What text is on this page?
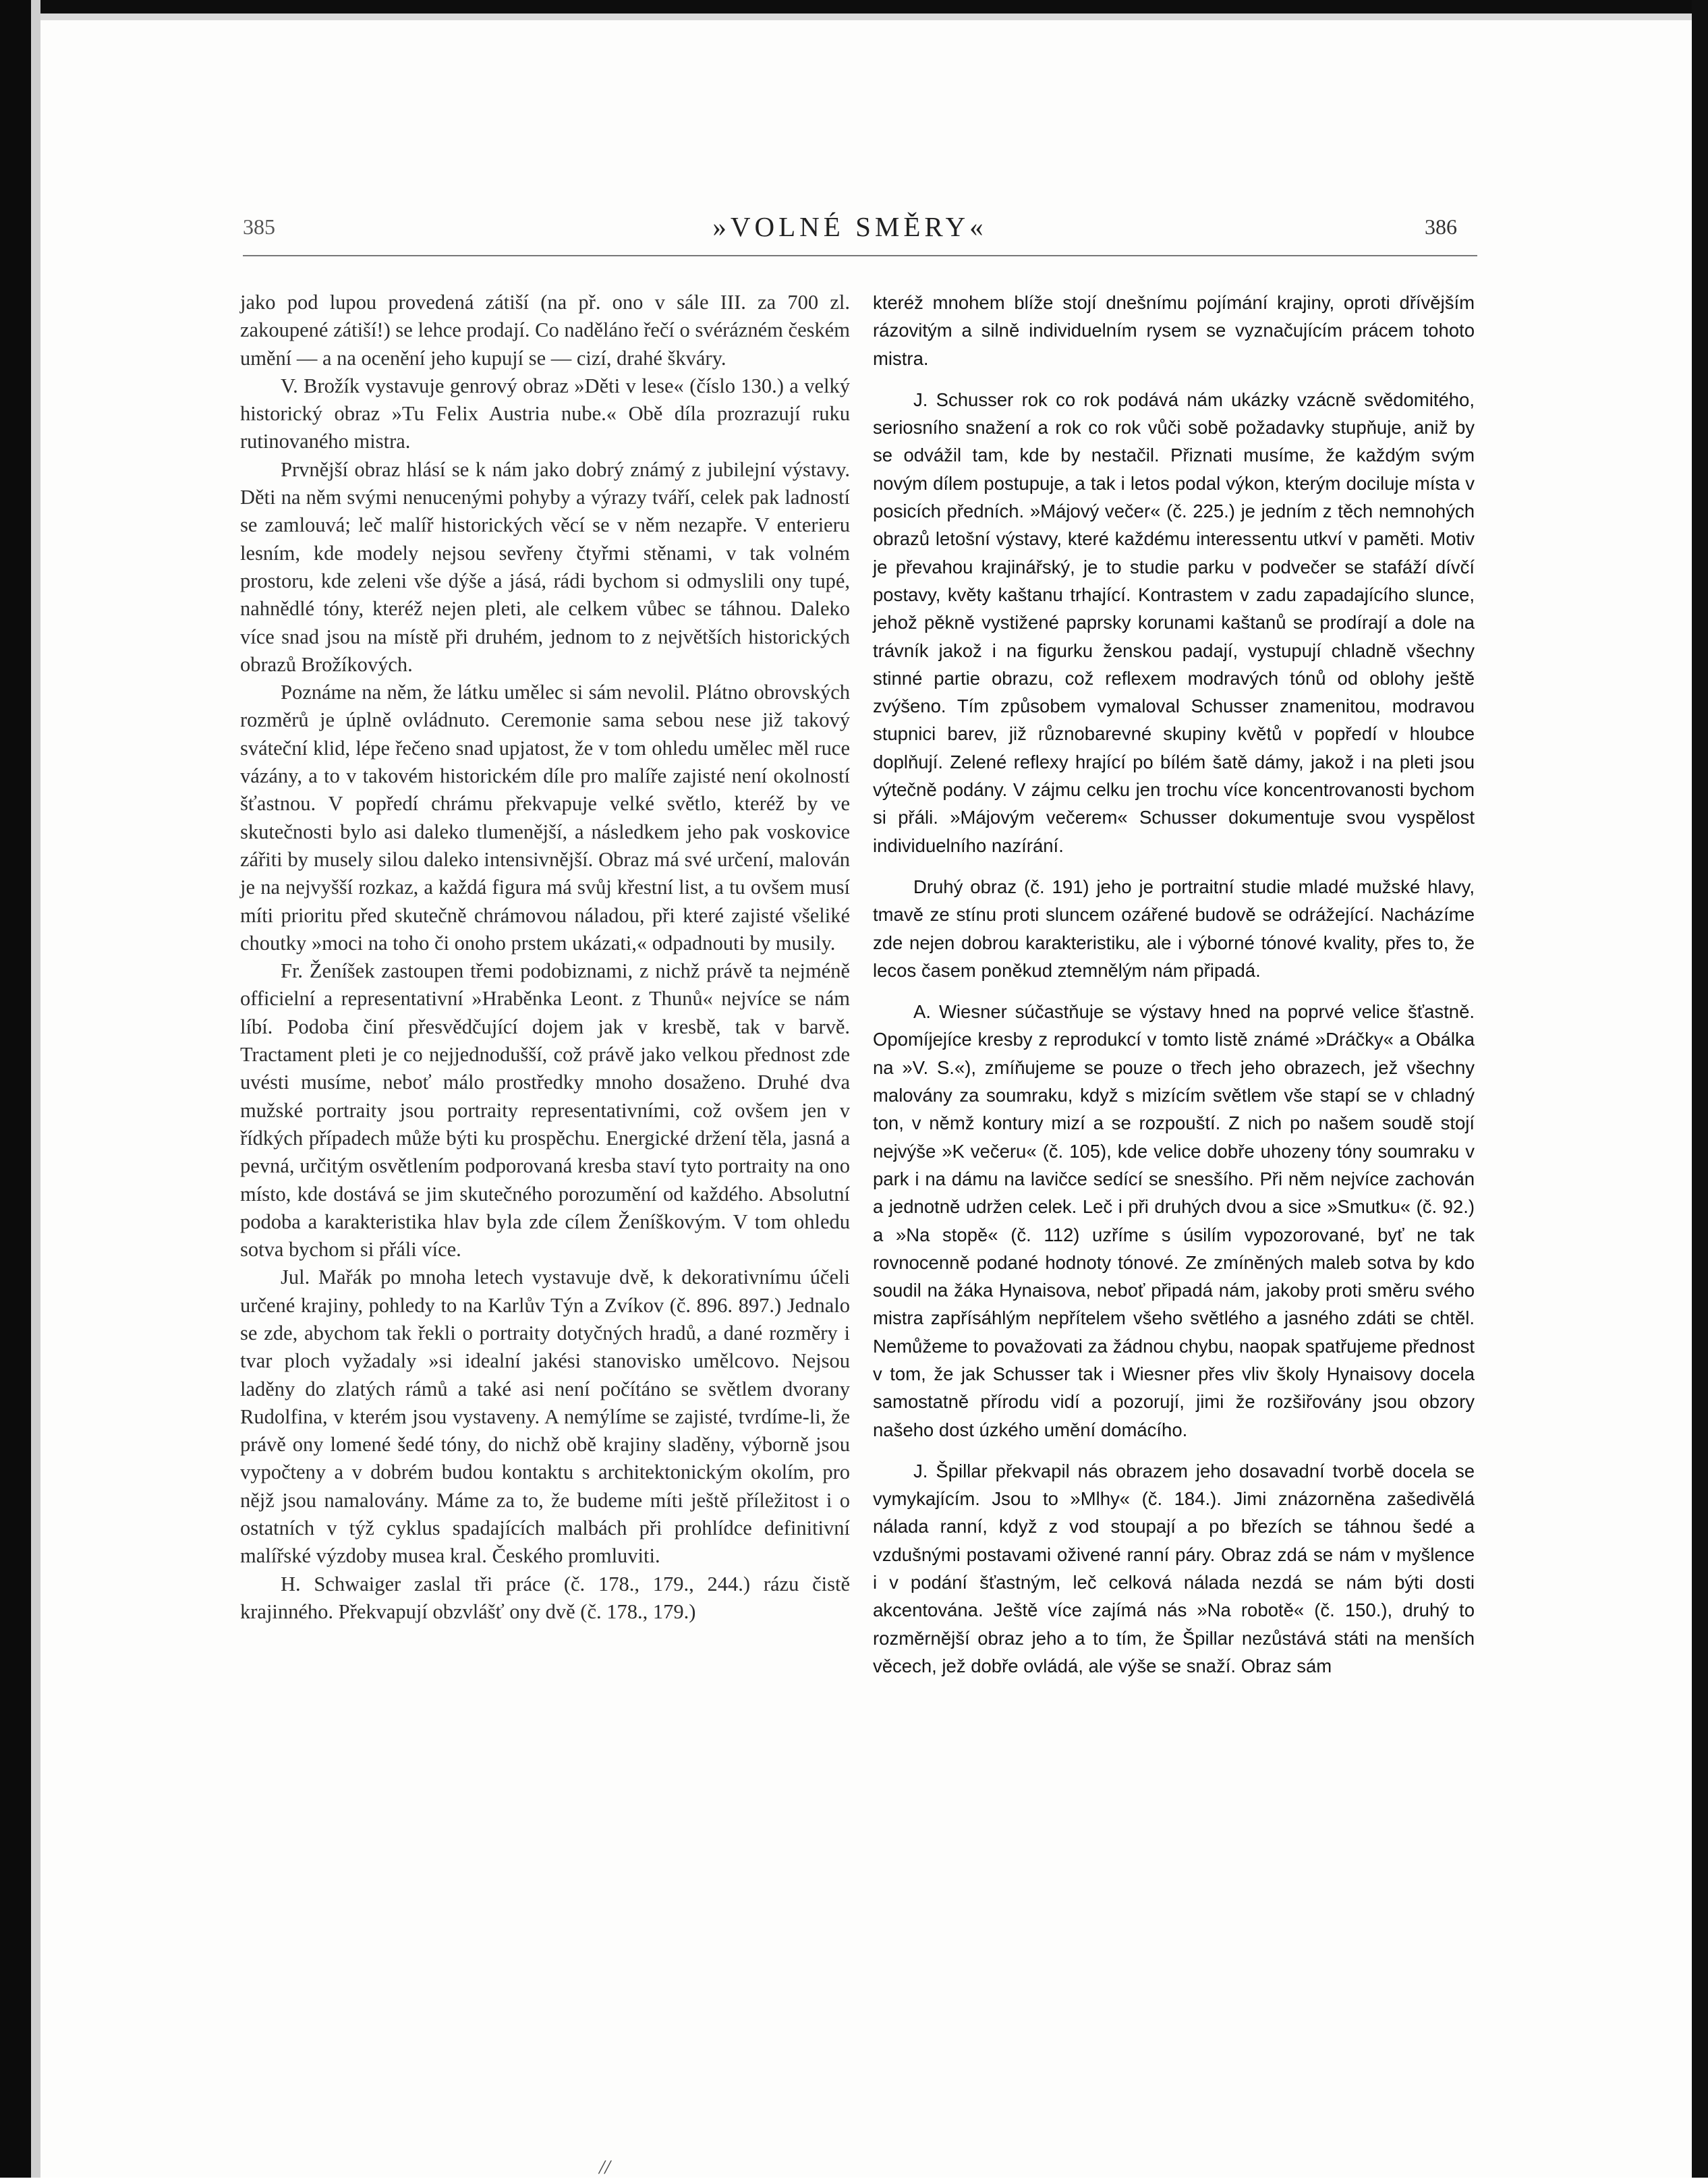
385	»VOLNÉ SMĚRY«	386

jako pod lupou provedená zátiší (na př. ono v sále III. za 700 zl. zakoupené zátiší!) se lehce prodají. Co naděláno řečí o svérázném českém umění — a na ocenění jeho kupují se — cizí, drahé škváry.

V. Brožík vystavuje genrový obraz »Děti v lese« (číslo 130.) a velký historický obraz »Tu Felix Austria nube.« Obě díla prozrazují ruku rutinovaného mistra.

Prvnější obraz hlásí se k nám jako dobrý známý z jubilejní výstavy. Děti na něm svými nenucenými pohyby a výrazy tváří, celek pak ladností se zamlouvá; leč malíř historických věcí se v něm nezapře. V enterieru lesním, kde modely nejsou sevřeny čtyřmi stěnami, v tak volném prostoru, kde zeleni vše dýše a jásá, rádi bychom si odmyslili ony tupé, nahnědlé tóny, kteréž nejen pleti, ale celkem vůbec se táhnou. Daleko více snad jsou na místě při druhém, jednom to z největších historických obrazů Brožíkových.

Poznáme na něm, že látku umělec si sám nevolil. Plátno obrovských rozměrů je úplně ovládnuto. Ceremonie sama sebou nese již takový sváteční klid, lépe řečeno snad upjatost, že v tom ohledu umělec měl ruce vázány, a to v takovém historickém díle pro malíře zajisté není okolností šťastnou. V popředí chrámu překvapuje velké světlo, kteréž by ve skutečnosti bylo asi daleko tlumenější, a následkem jeho pak voskovice zářiti by musely silou daleko intensivnější. Obraz má své určení, malován je na nejvyšší rozkaz, a každá figura má svůj křestní list, a tu ovšem musí míti prioritu před skutečně chrámovou náladou, při které zajisté všeliké choutky »moci na toho či onoho prstem ukázati,« odpadnouti by musily.

Fr. Ženíšek zastoupen třemi podobiznami, z nichž právě ta nejméně officielní a representativní »Hraběnka Leont. z Thunů« nejvíce se nám líbí. Podoba činí přesvědčující dojem jak v kresbě, tak v barvě. Tractament pleti je co nejjednodušší, což právě jako velkou přednost zde uvésti musíme, neboť málo prostředky mnoho dosaženo. Druhé dva mužské portraity jsou portraity representativními, což ovšem jen v řídkých případech může býti ku prospěchu. Energické držení těla, jasná a pevná, určitým osvětlením podporovaná kresba staví tyto portraity na ono místo, kde dostává se jim skutečného porozumění od každého. Absolutní podoba a karakteristika hlav byla zde cílem Ženíškovým. V tom ohledu sotva bychom si přáli více.

Jul. Mařák po mnoha letech vystavuje dvě, k dekorativnímu účeli určené krajiny, pohledy to na Karlův Týn a Zvíkov (č. 896. 897.) Jednalo se zde, abychom tak řekli o portraity dotyčných hradů, a dané rozměry i tvar ploch vyžadaly »si idealní jakési stanovisko umělcovo. Nejsou laděny do zlatých rámů a také asi není počítáno se světlem dvorany Rudolfina, v kterém jsou vystaveny. A nemýlíme se zajisté, tvrdíme-li, že právě ony lomené šedé tóny, do nichž obě krajiny sladěny, výborně jsou vypočteny a v dobrém budou kontaktu s architektonickým okolím, pro nějž jsou namalovány. Máme za to, že budeme míti ještě příležitost i o ostatních v týž cyklus spadajících malbách při prohlídce definitivní malířské výzdoby musea kral. Českého promluviti.

H. Schwaiger zaslal tři práce (č. 178., 179., 244.) rázu čistě krajinného. Překvapují obzvlášť ony dvě (č. 178., 179.)

kteréž mnohem blíže stojí dnešnímu pojímání krajiny, oproti dřívějším rázovitým a silně individuelním rysem se vyznačujícím prácem tohoto mistra.

J. Schusser rok co rok podává nám ukázky vzácně svědomitého, seriosního snažení a rok co rok vůči sobě požadavky stupňuje, aniž by se odvážil tam, kde by nestačil. Přiznati musíme, že každým svým novým dílem postupuje, a tak i letos podal výkon, kterým dociluje místa v posicích předních. »Májový večer« (č. 225.) je jedním z těch nemnohých obrazů letošní výstavy, které každému interessentu utkví v paměti. Motiv je převahou krajinářský, je to studie parku v podvečer se stafáží dívčí postavy, květy kaštanu trhající. Kontrastem v zadu zapadajícího slunce, jehož pěkně vystižené paprsky korunami kaštanů se prodírají a dole na trávník jakož i na figurku ženskou padají, vystupují chladně všechny stinné partie obrazu, což reflexem modravých tónů od oblohy ještě zvýšeno. Tím způsobem vymaloval Schusser znamenitou, modravou stupnici barev, již různobarevné skupiny květů v popředí v hloubce doplňují. Zelené reflexy hrající po bílém šatě dámy, jakož i na pleti jsou výtečně podány. V zájmu celku jen trochu více koncentrovanosti bychom si přáli. »Májovým večerem« Schusser dokumentuje svou vyspělost individuelního nazírání.

Druhý obraz (č. 191) jeho je portraitní studie mladé mužské hlavy, tmavě ze stínu proti sluncem ozářené budově se odrážející. Nacházíme zde nejen dobrou karakteristiku, ale i výborné tónové kvality, přes to, že lecos časem poněkud ztemnělým nám připadá.

A. Wiesner súčastňuje se výstavy hned na poprvé velice šťastně. Opomíjejíce kresby z reprodukcí v tomto listě známé »Dráčky« a Obálka na »V. S.«), zmíňujeme se pouze o třech jeho obrazech, jež všechny malovány za soumraku, když s mizícím světlem vše stapí se v chladný ton, v němž kontury mizí a se rozpouští. Z nich po našem soudě stojí nejvýše »K večeru« (č. 105), kde velice dobře uhozeny tóny soumraku v park i na dámu na lavičce sedící se snesšího. Při něm nejvíce zachován a jednotně udržen celek. Leč i při druhých dvou a sice »Smutku« (č. 92.) a »Na stopě« (č. 112) uzříme s úsilím vypozorované, byť ne tak rovnocenně podané hodnoty tónové. Ze zmíněných maleb sotva by kdo soudil na žáka Hynaisova, neboť připadá nám, jakoby proti směru svého mistra zapřísáhlým nepřítelem všeho světlého a jasného zdáti se chtěl. Nemůžeme to považovati za žádnou chybu, naopak spatřujeme přednost v tom, že jak Schusser tak i Wiesner přes vliv školy Hynaisovy docela samostatně přírodu vidí a pozorují, jimi že rozšiřovány jsou obzory našeho dost úzkého umění domácího.

J. Špillar překvapil nás obrazem jeho dosavadní tvorbě docela se vymykajícím. Jsou to »Mlhy« (č. 184.). Jimi znázorněna zašedivělá nálada ranní, když z vod stoupají a po březích se táhnou šedé a vzdušnými postavami oživené ranní páry. Obraz zdá se nám v myšlence i v podání šťastným, leč celková nálada nezdá se nám býti dosti akcentována. Ještě více zajímá nás »Na robotě« (č. 150.), druhý to rozměrnější obraz jeho a to tím, že Špillar nezůstává státi na menších věcech, jež dobře ovládá, ale výše se snaží. Obraz sám

//
